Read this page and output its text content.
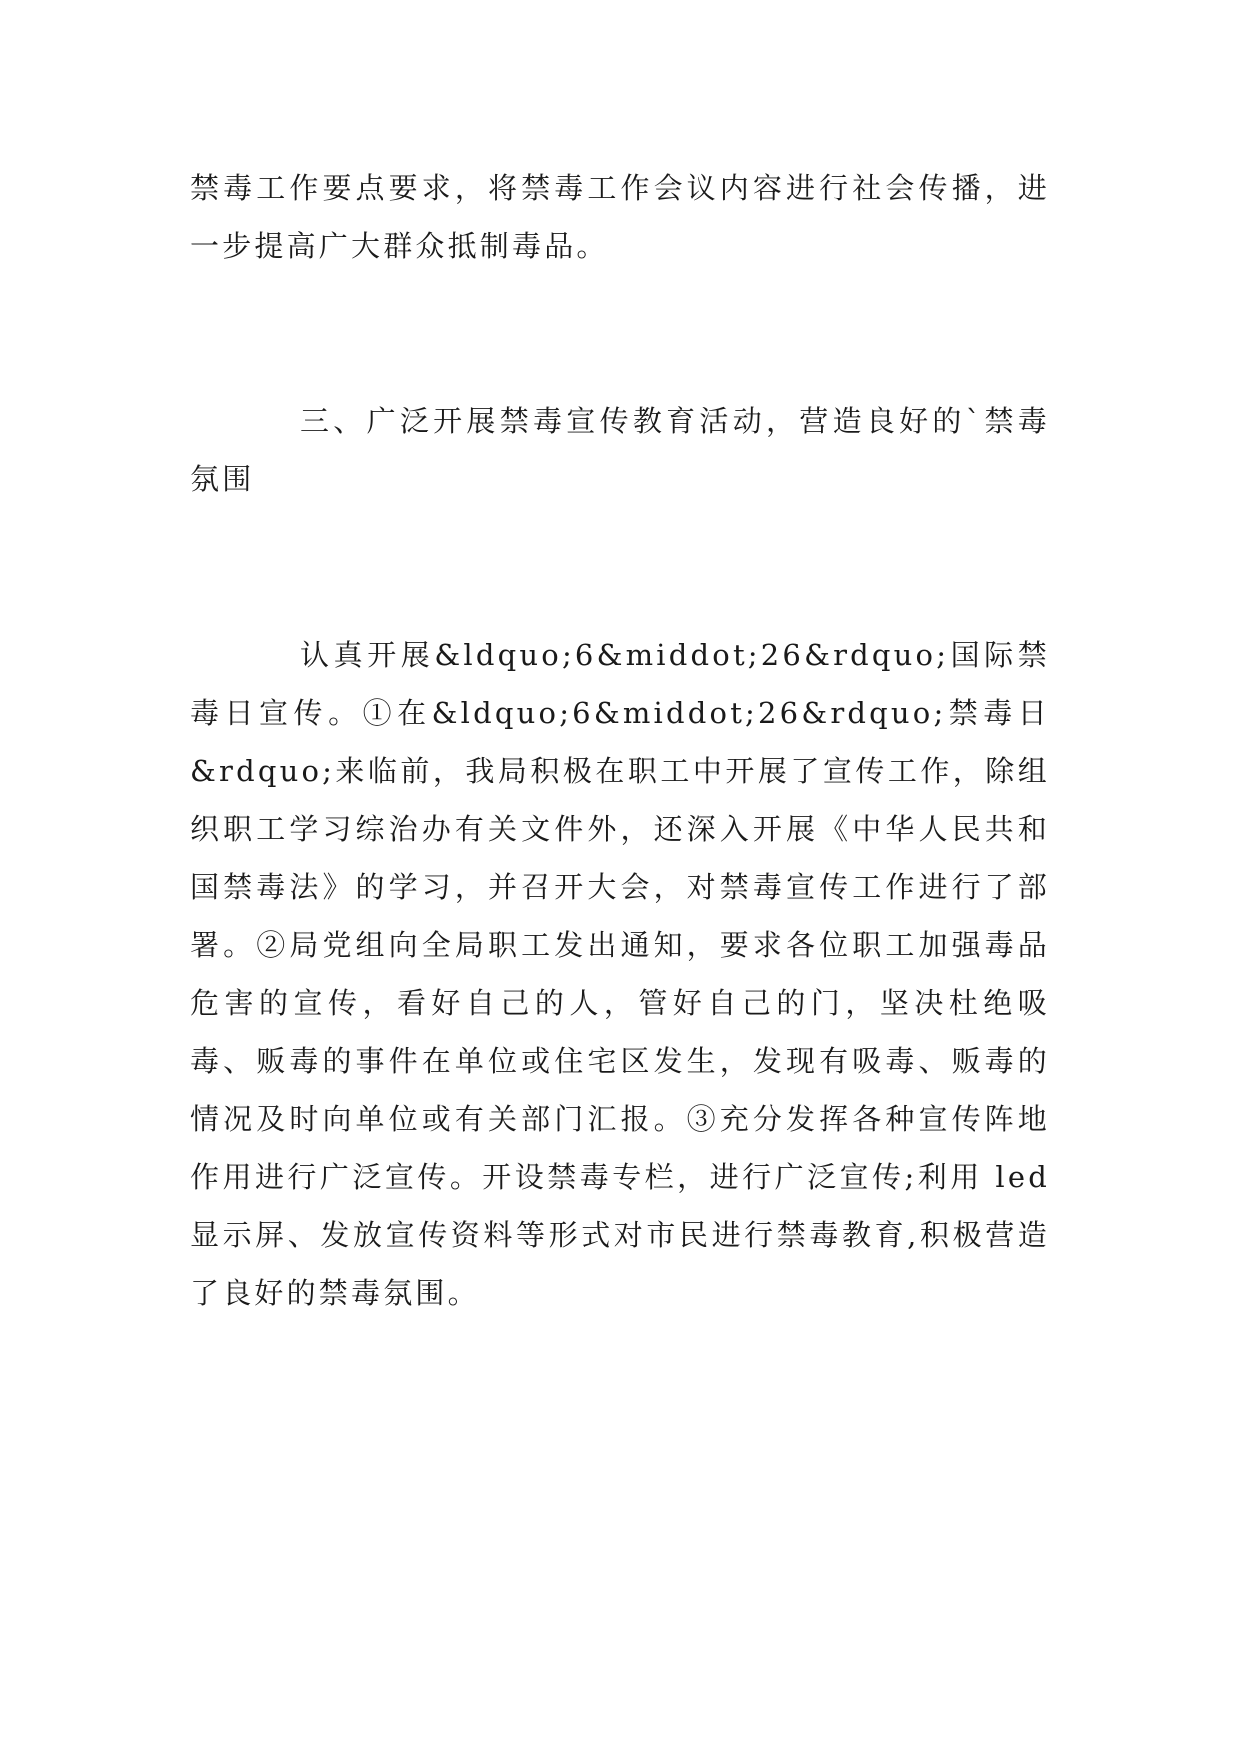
禁毒工作要点要求，将禁毒工作会议内容进行社会传播，进一步提高广大群众抵制毒品。

三、广泛开展禁毒宣传教育活动，营造良好的`禁毒氛围

认真开展&ldquo;6&middot;26&rdquo;国际禁毒日宣传。①在&ldquo;6&middot;26&rdquo;禁毒日&rdquo;来临前，我局积极在职工中开展了宣传工作，除组织职工学习综治办有关文件外，还深入开展《中华人民共和国禁毒法》的学习，并召开大会，对禁毒宣传工作进行了部署。②局党组向全局职工发出通知，要求各位职工加强毒品危害的宣传，看好自己的人，管好自己的门，坚决杜绝吸毒、贩毒的事件在单位或住宅区发生，发现有吸毒、贩毒的情况及时向单位或有关部门汇报。③充分发挥各种宣传阵地作用进行广泛宣传。开设禁毒专栏，进行广泛宣传;利用 led 显示屏、发放宣传资料等形式对市民进行禁毒教育,积极营造了良好的禁毒氛围。
